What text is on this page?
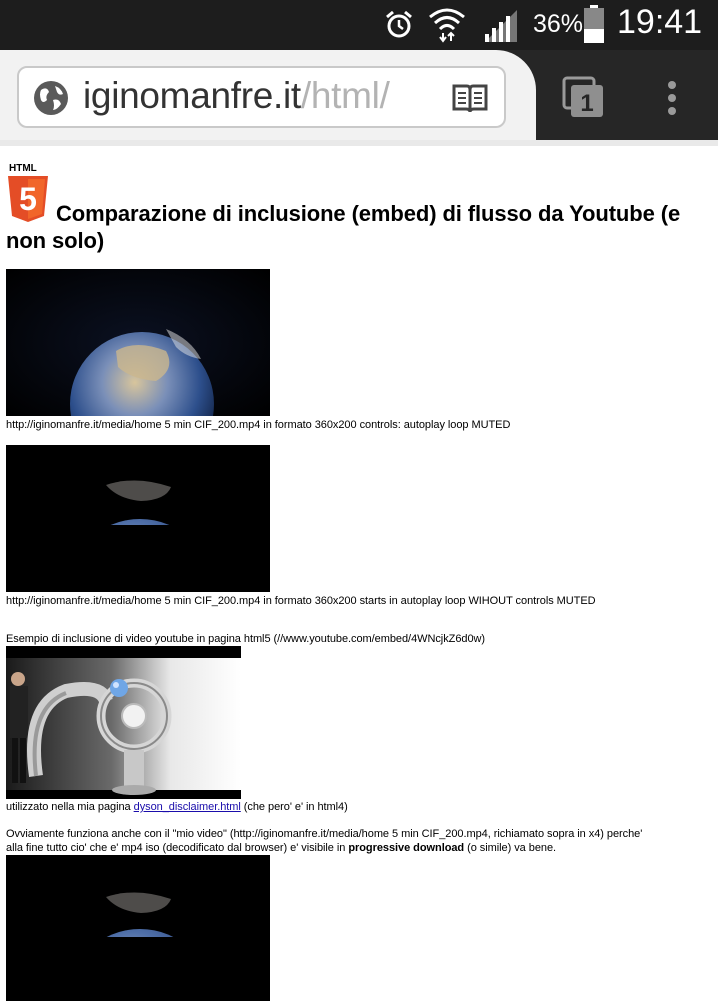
36% 19:41
iginomanfre.it/html/	1
HTML
5 Comparazione di inclusione (embed) di flusso da Youtube (e non solo)
http://iginomanfre.it/media/home 5 min CIF_200.mp4 in formato 360x200 controls: autoplay loop MUTED
http://iginomanfre.it/media/home 5 min CIF_200.mp4 in formato 360x200 starts in autoplay loop WIHOUT controls MUTED
Esempio di inclusione di video youtube in pagina html5 (//www.youtube.com/embed/4WNcjkZ6d0w)
utilizzato nella mia pagina dyson_disclaimer.html (che pero' e' in html4)
Ovviamente funziona anche con il "mio video" (http://iginomanfre.it/media/home 5 min CIF_200.mp4, richiamato sopra in x4) perche'
alla fine tutto cio' che e' mp4 iso (decodificato dal browser) e' visibile in progressive download (o simile) va bene.
